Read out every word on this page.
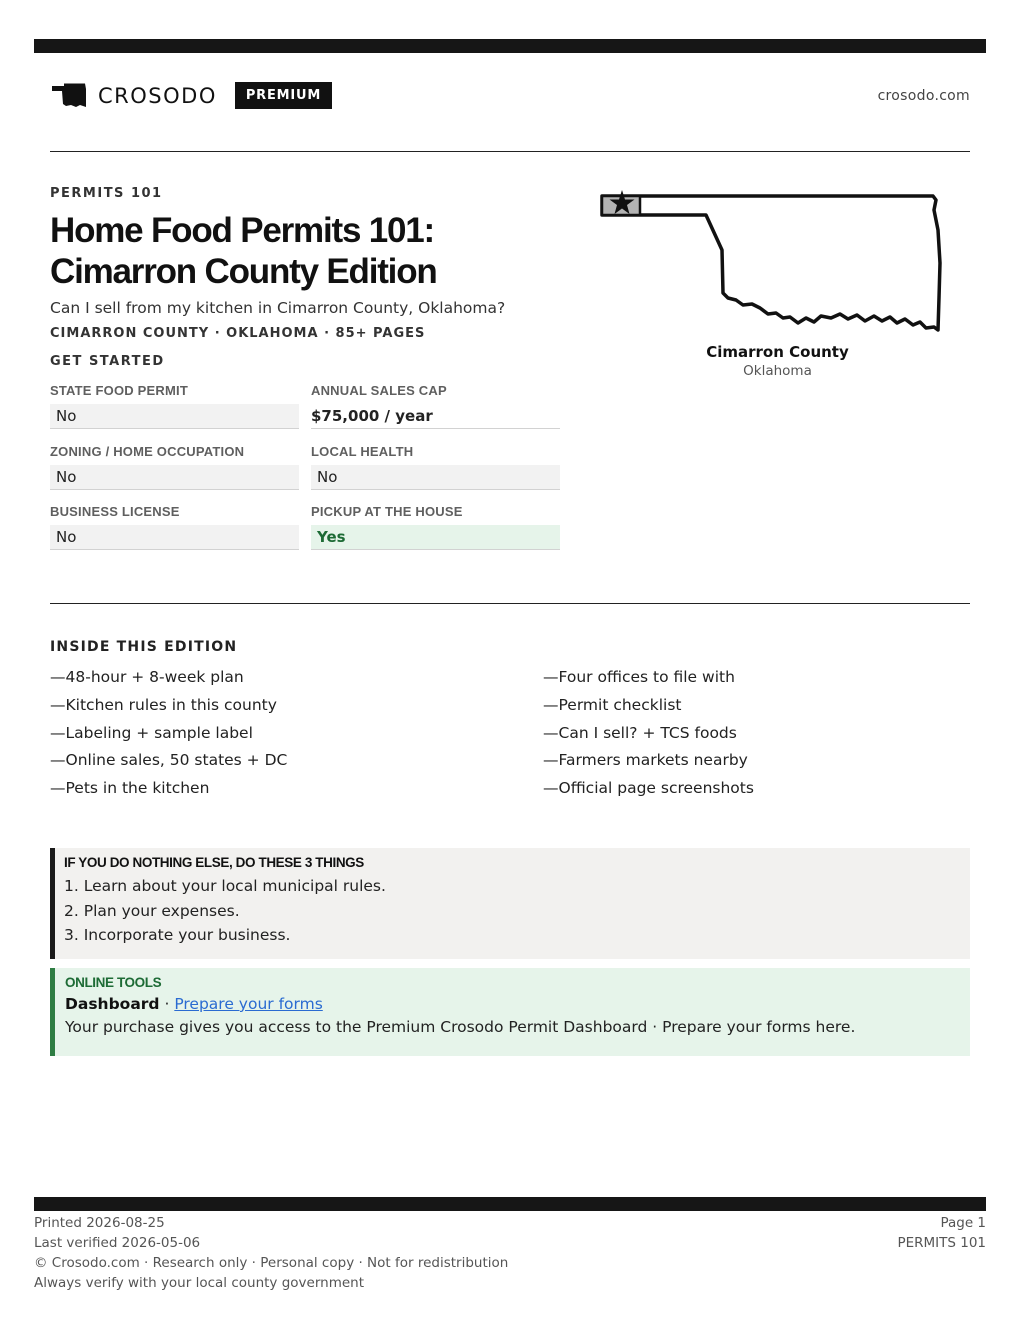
CROSODO	PREMIUM	crosodo.com
PERMITS 101
Home Food Permits 101:
Cimarron County Edition
Can I sell from my kitchen in Cimarron County, Oklahoma?
CIMARRON COUNTY · OKLAHOMA · 85+ PAGES
GET STARTED
STATE FOOD PERMIT
No
ANNUAL SALES CAP
$75,000 / year
ZONING / HOME OCCUPATION
No
LOCAL HEALTH
No
BUSINESS LICENSE
No
PICKUP AT THE HOUSE
Yes
Cimarron County
Oklahoma
INSIDE THIS EDITION
—48-hour + 8-week plan
—Kitchen rules in this county
—Labeling + sample label
—Online sales, 50 states + DC
—Pets in the kitchen
—Four offices to file with
—Permit checklist
—Can I sell? + TCS foods
—Farmers markets nearby
—Official page screenshots
IF YOU DO NOTHING ELSE, DO THESE 3 THINGS
1. Learn about your local municipal rules.
2. Plan your expenses.
3. Incorporate your business.
ONLINE TOOLS
Dashboard · Prepare your forms
Your purchase gives you access to the Premium Crosodo Permit Dashboard · Prepare your forms here.
Printed 2026-08-25
Last verified 2026-05-06
© Crosodo.com · Research only · Personal copy · Not for redistribution
Always verify with your local county government
Page 1
PERMITS 101
